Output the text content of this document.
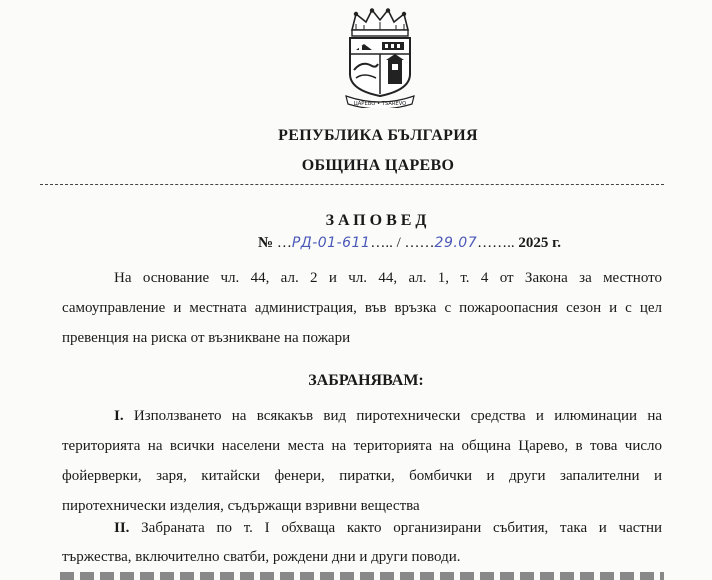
ЦАРЕВО • TSAREVO
РЕПУБЛИКА БЪЛГАРИЯ
ОБЩИНА ЦАРЕВО
ЗАПОВЕД
№ …РД-01-611….. / ……29.07…….. 2025 г.
На основание чл. 44, ал. 2 и чл. 44, ал. 1, т. 4 от Закона за местното
самоуправление и местната администрация, във връзка с пожароопасния сезон и с цел
превенция на риска от възникване на пожари
ЗАБРАНЯВАМ:
I. Използването на всякакъв вид пиротехнически средства и илюминации на
територията на всички населени места на територията на община Царево, в това число
фойерверки, заря, китайски фенери, пиратки, бомбички и други запалителни и
пиротехнически изделия, съдържащи взривни вещества
II. Забраната по т. I обхваща както организирани събития, така и частни
тържества, включително сватби, рождени дни и други поводи.
